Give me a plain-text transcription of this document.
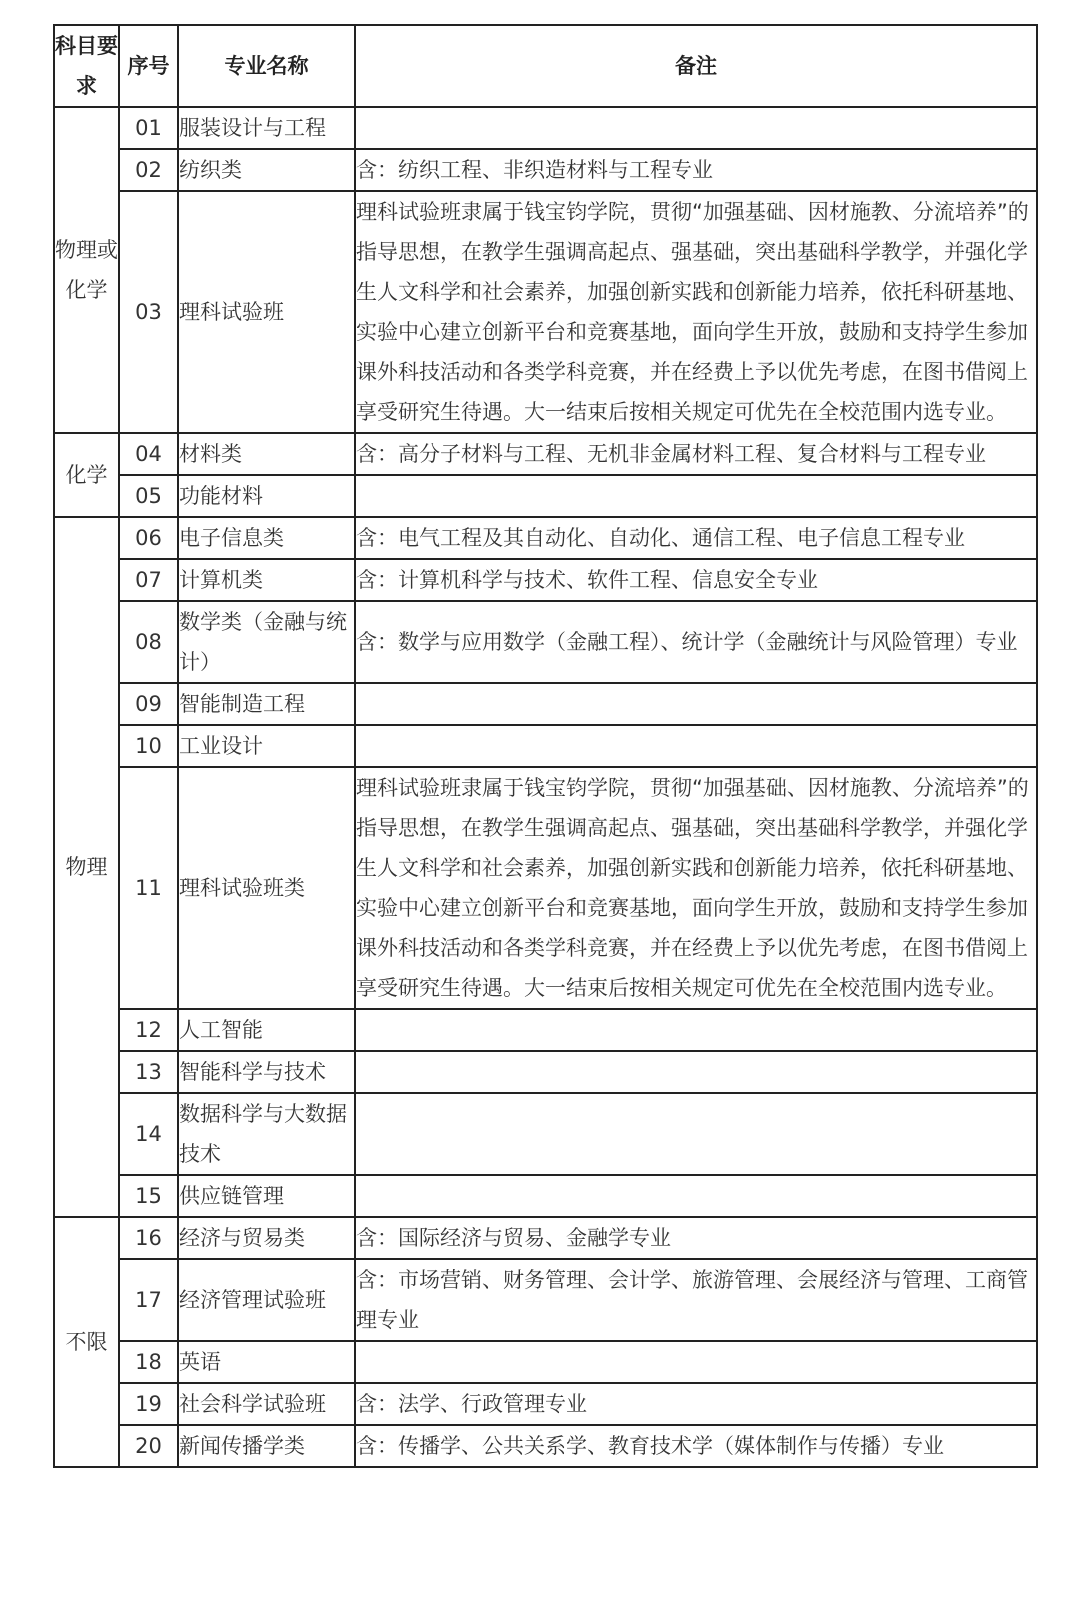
科目要求	序号	专业名称	备注
物理或化学	01	服装设计与工程	
	02	纺织类	含：纺织工程、非织造材料与工程专业
	03	理科试验班	理科试验班隶属于钱宝钧学院，贯彻“加强基础、因材施教、分流培养”的指导思想，在教学生强调高起点、强基础，突出基础科学教学，并强化学生人文科学和社会素养，加强创新实践和创新能力培养，依托科研基地、实验中心建立创新平台和竞赛基地，面向学生开放，鼓励和支持学生参加课外科技活动和各类学科竞赛，并在经费上予以优先考虑，在图书借阅上享受研究生待遇。大一结束后按相关规定可优先在全校范围内选专业。
化学	04	材料类	含：高分子材料与工程、无机非金属材料工程、复合材料与工程专业
	05	功能材料	
物理	06	电子信息类	含：电气工程及其自动化、自动化、通信工程、电子信息工程专业
	07	计算机类	含：计算机科学与技术、软件工程、信息安全专业
	08	数学类（金融与统计）	含：数学与应用数学（金融工程）、统计学（金融统计与风险管理）专业
	09	智能制造工程	
	10	工业设计	
	11	理科试验班类	理科试验班隶属于钱宝钧学院，贯彻“加强基础、因材施教、分流培养”的指导思想，在教学生强调高起点、强基础，突出基础科学教学，并强化学生人文科学和社会素养，加强创新实践和创新能力培养，依托科研基地、实验中心建立创新平台和竞赛基地，面向学生开放，鼓励和支持学生参加课外科技活动和各类学科竞赛，并在经费上予以优先考虑，在图书借阅上享受研究生待遇。大一结束后按相关规定可优先在全校范围内选专业。
	12	人工智能	
	13	智能科学与技术	
	14	数据科学与大数据技术	
	15	供应链管理	
不限	16	经济与贸易类	含：国际经济与贸易、金融学专业
	17	经济管理试验班	含：市场营销、财务管理、会计学、旅游管理、会展经济与管理、工商管理专业
	18	英语	
	19	社会科学试验班	含：法学、行政管理专业
	20	新闻传播学类	含：传播学、公共关系学、教育技术学（媒体制作与传播）专业
